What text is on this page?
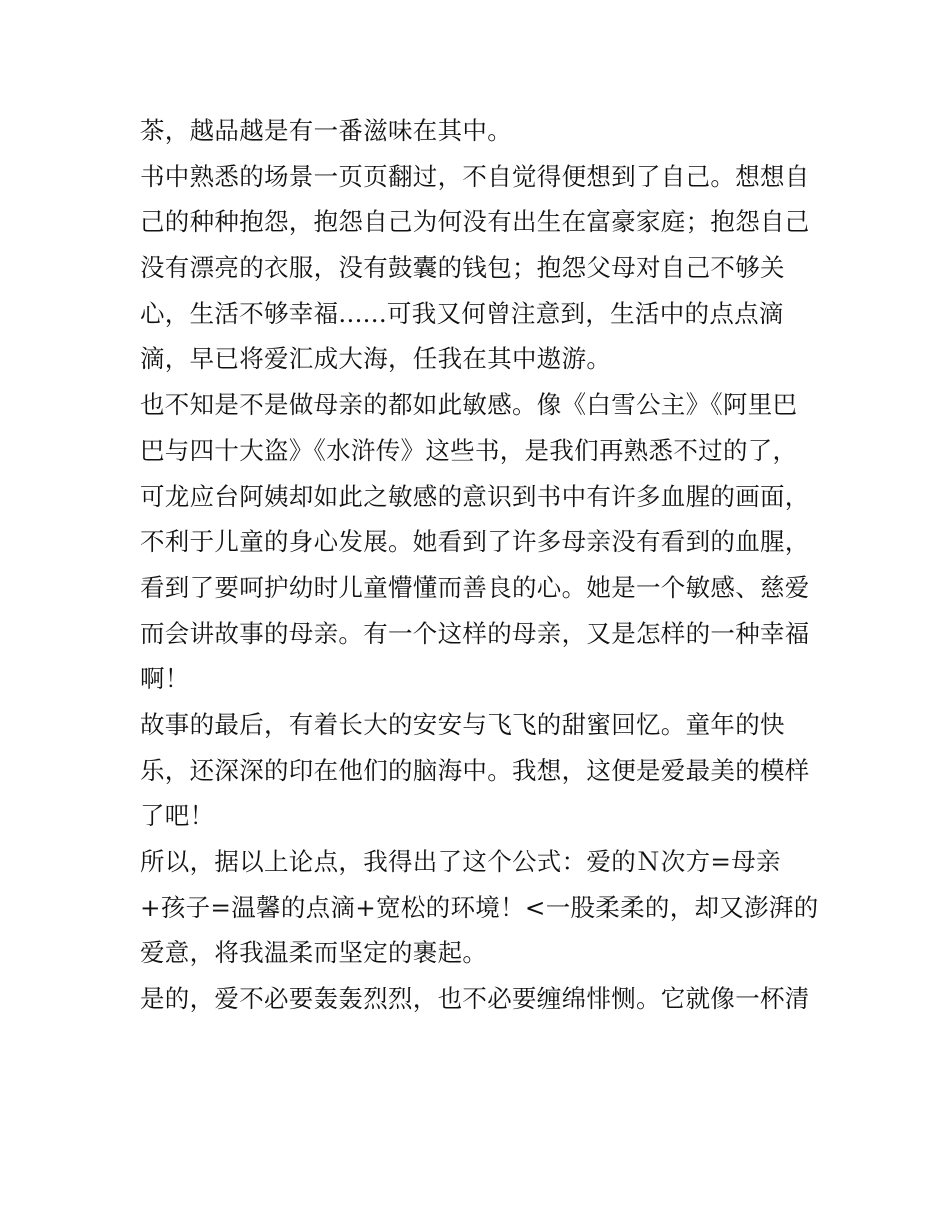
茶，越品越是有一番滋味在其中。
书中熟悉的场景一页页翻过，不自觉得便想到了自己。想想自
己的种种抱怨，抱怨自己为何没有出生在富豪家庭；抱怨自己
没有漂亮的衣服，没有鼓囊的钱包；抱怨父母对自己不够关
心，生活不够幸福......可我又何曾注意到，生活中的点点滴
滴，早已将爱汇成大海，任我在其中遨游。
也不知是不是做母亲的都如此敏感。像《白雪公主》《阿里巴
巴与四十大盗》《水浒传》这些书，是我们再熟悉不过的了，
可龙应台阿姨却如此之敏感的意识到书中有许多血腥的画面，
不利于儿童的身心发展。她看到了许多母亲没有看到的血腥，
看到了要呵护幼时儿童懵懂而善良的心。她是一个敏感、慈爱
而会讲故事的母亲。有一个这样的母亲，又是怎样的一种幸福
啊！
故事的最后，有着长大的安安与飞飞的甜蜜回忆。童年的快
乐，还深深的印在他们的脑海中。我想，这便是爱最美的模样
了吧！
所以，据以上论点，我得出了这个公式：爱的Ｎ次方=母亲
+孩子=温馨的点滴+宽松的环境！<一股柔柔的，却又澎湃的
爱意，将我温柔而坚定的裹起。
是的，爱不必要轰轰烈烈，也不必要缠绵悱恻。它就像一杯清
